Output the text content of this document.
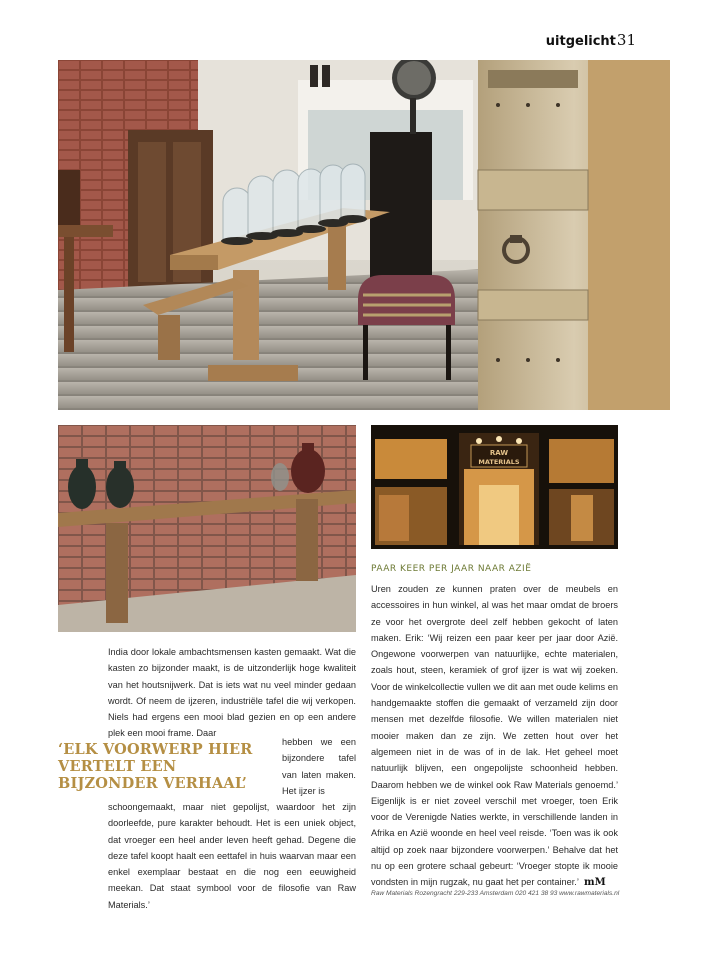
uitgelicht31
RAW
MATERIALS
PAAR KEER PER JAAR NAAR AZIË

Uren zouden ze kunnen praten over de meubels en accessoires in hun winkel, al was het maar omdat de broers ze voor het overgrote deel zelf hebben gekocht of laten maken. Erik: ‘Wij reizen een paar keer per jaar door Azië. Ongewone voorwerpen van natuurlijke, echte materialen, zoals hout, steen, keramiek of grof ijzer is wat wij zoeken. Voor de winkelcollectie vullen we dit aan met oude kelims en handgemaakte stoffen die gemaakt of verzameld zijn door mensen met dezelfde filosofie. We willen materialen niet mooier maken dan ze zijn. We zetten hout over het algemeen niet in de was of in de lak. Het geheel moet natuurlijk blijven, een ongepolijste schoonheid hebben. Daarom hebben we de winkel ook Raw Materials genoemd.’ Eigenlijk is er niet zoveel verschil met vroeger, toen Erik voor de Verenigde Naties werkte, in verschillende landen in Afrika en Azië woonde en heel veel reisde. ‘Toen was ik ook altijd op zoek naar bijzondere voorwerpen.’ Behalve dat het nu op een grotere schaal gebeurt: ‘Vroeger stopte ik mooie vondsten in mijn rugzak, nu gaat het per container.’ mM

India door lokale ambachtsmensen kasten gemaakt. Wat die kasten zo bijzonder maakt, is de uitzonderlijk hoge kwaliteit van het houtsnijwerk. Dat is iets wat nu veel minder gedaan wordt. Of neem de ijzeren, industriële tafel die wij verkopen. Niels had ergens een mooi blad gezien en op een andere plek een mooi frame. Daar

‘ELK VOORWERP HIER VERTELT EEN BIJZONDER VERHAAL’

hebben we een bijzondere tafel van laten maken. Het ijzer is

schoongemaakt, maar niet gepolijst, waardoor het zijn doorleefde, pure karakter behoudt. Het is een uniek object, dat vroeger een heel ander leven heeft gehad. Degene die deze tafel koopt haalt een eettafel in huis waarvan maar een enkel exemplaar bestaat en die nog een eeuwigheid meekan. Dat staat symbool voor de filosofie van Raw Materials.’

Raw Materials Rozengracht 229-233 Amsterdam 020 421 38 93 www.rawmaterials.nl
